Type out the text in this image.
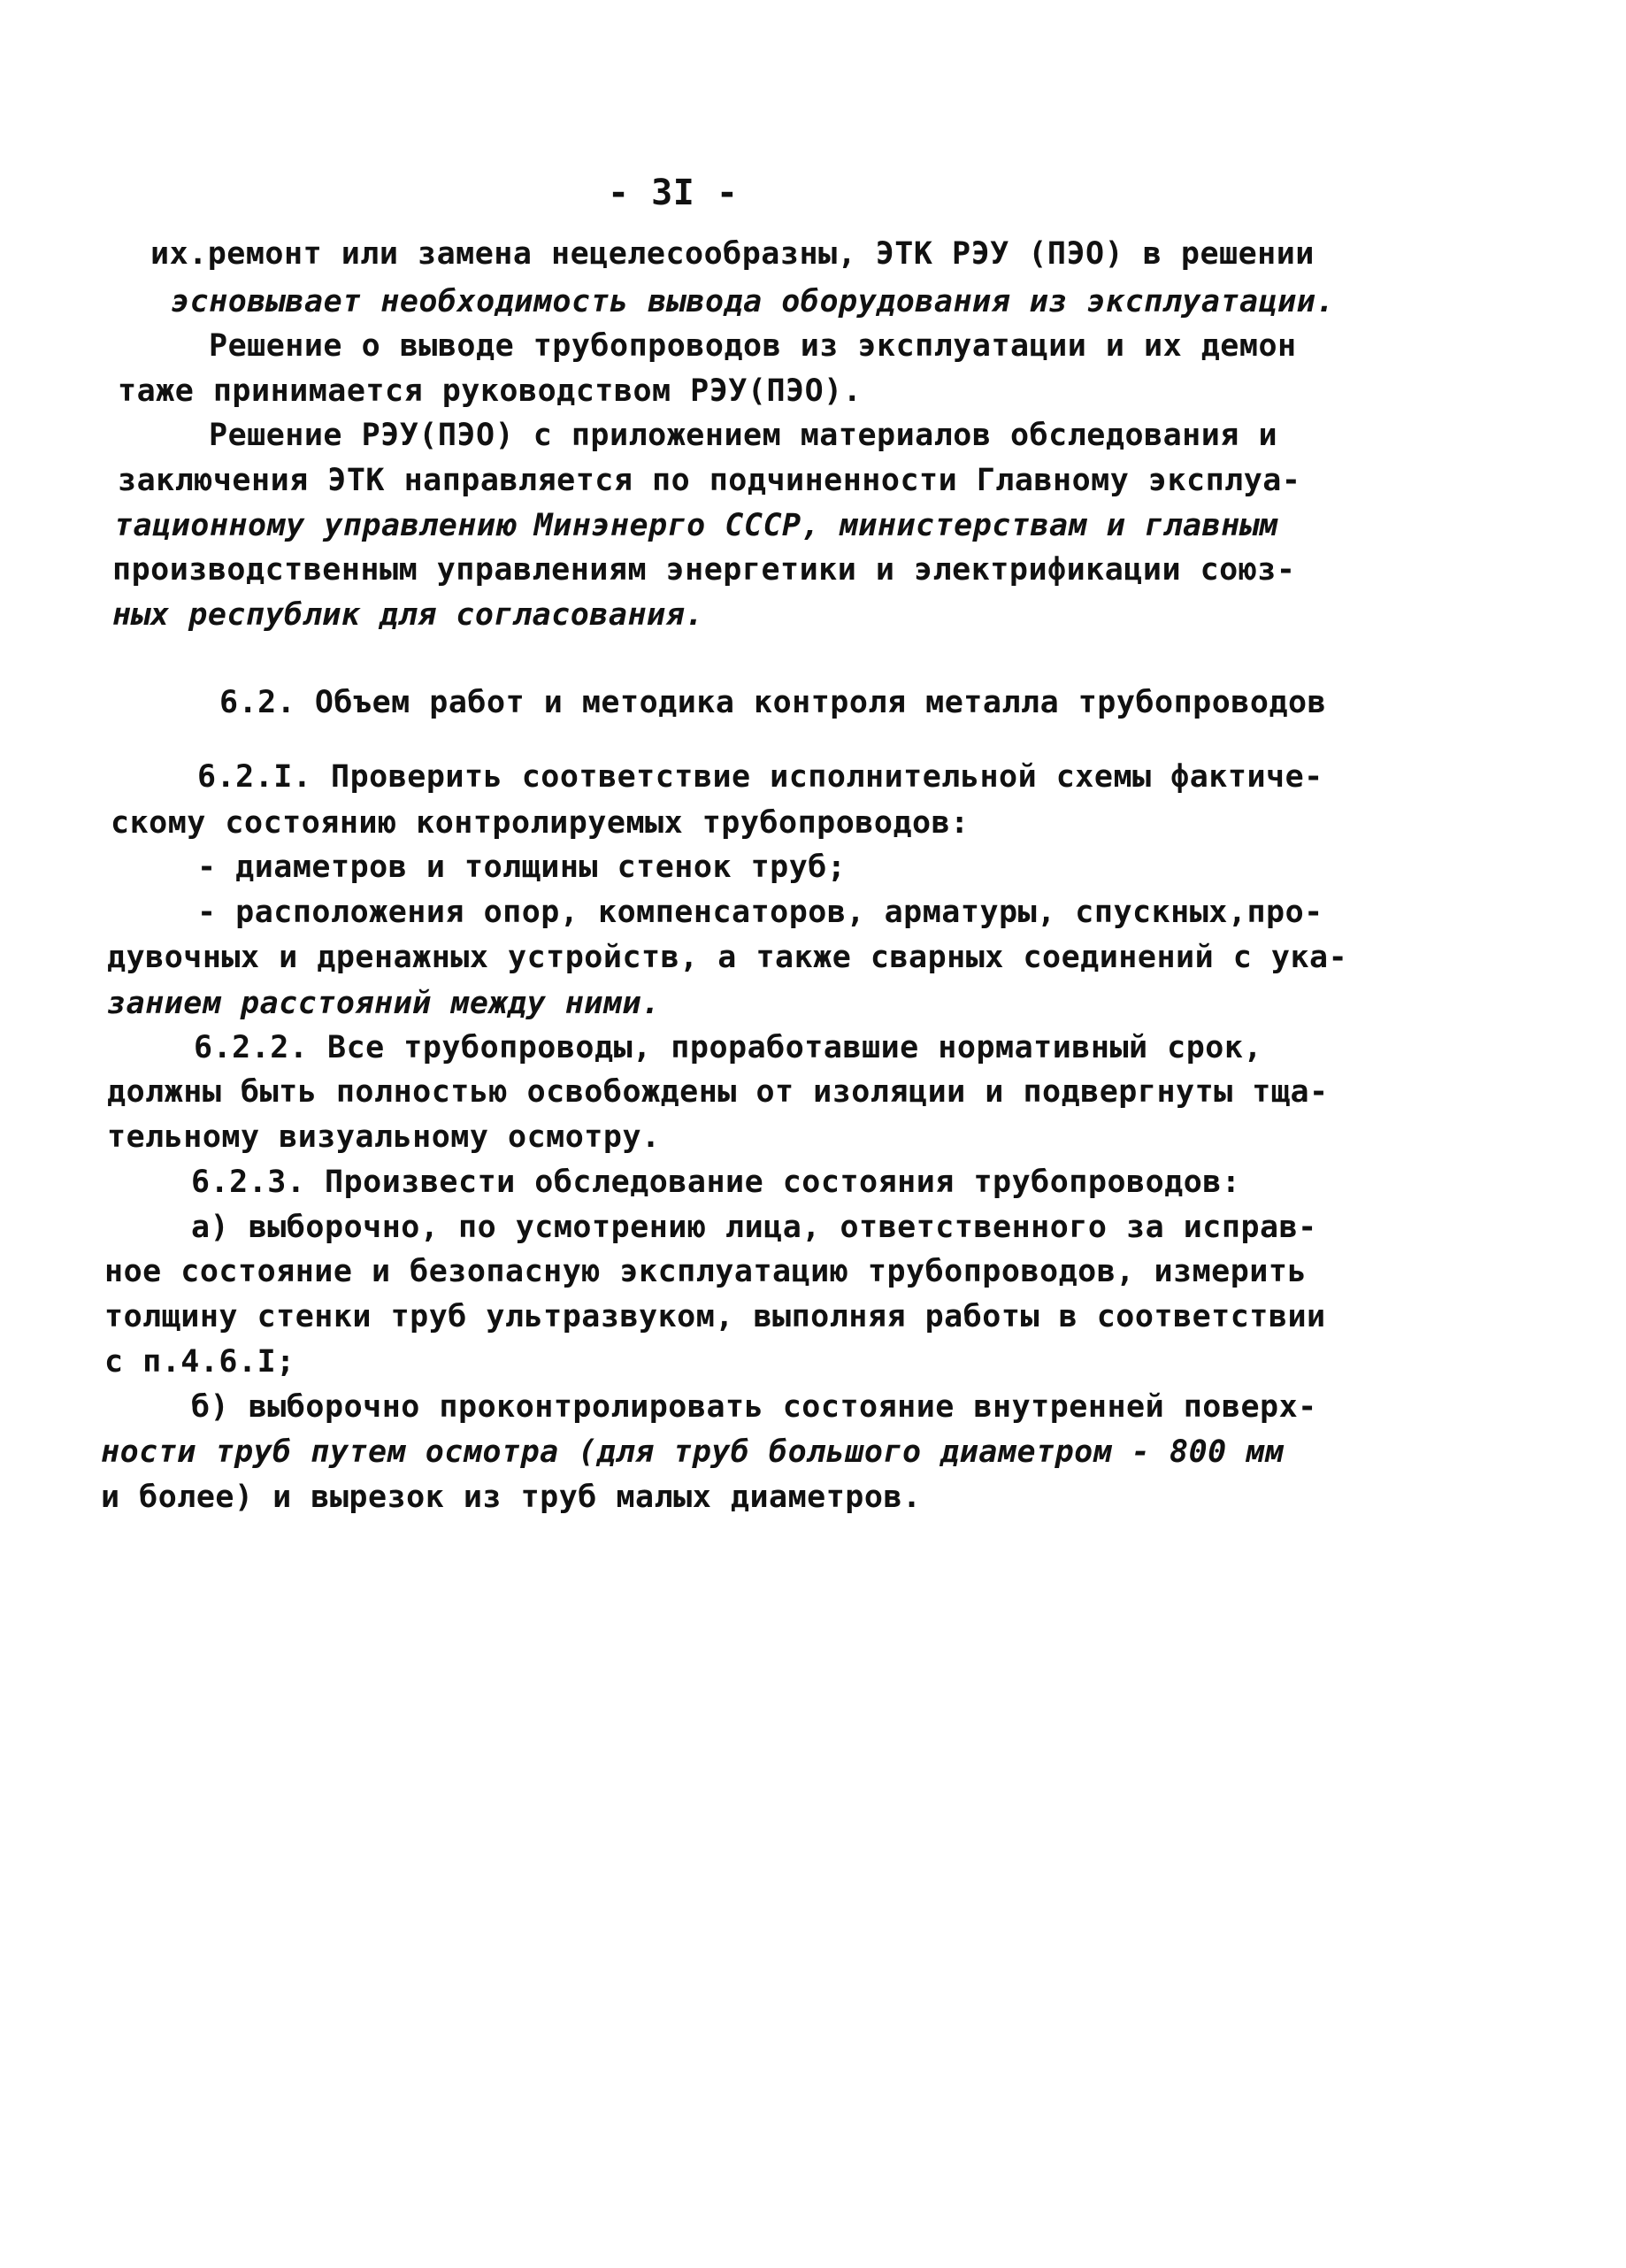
- 3I -
их.ремонт или замена нецелесообразны, ЭТК РЭУ (ПЭО) в решении
эсновывает необходимость вывода оборудования из эксплуатации.
Решение о выводе трубопроводов из эксплуатации и их демон
таже принимается руководством РЭУ(ПЭО).
Решение РЭУ(ПЭО) с приложением материалов обследования и
заключения ЭТК направляется по подчиненности Главному эксплуа-
тационному управлению Минэнерго СССР, министерствам и главным
производственным управлениям энергетики и электрификации союз-
ных республик для согласования.
6.2. Объем работ и методика контроля металла трубопроводов
6.2.I. Проверить соответствие исполнительной схемы фактиче-
скому состоянию контролируемых трубопроводов:
- диаметров и толщины стенок труб;
- расположения опор, компенсаторов, арматуры, спускных,про-
дувочных и дренажных устройств, а также сварных соединений с ука-
занием расстояний между ними.
6.2.2. Все трубопроводы, проработавшие нормативный срок,
должны быть полностью освобождены от изоляции и подвергнуты тща-
тельному визуальному осмотру.
6.2.3. Произвести обследование состояния трубопроводов:
а) выборочно, по усмотрению лица, ответственного за исправ-
ное состояние и безопасную эксплуатацию трубопроводов, измерить
толщину стенки труб ультразвуком, выполняя работы в соответствии
с п.4.6.I;
б) выборочно проконтролировать состояние внутренней поверх-
ности труб путем осмотра (для труб большого диаметром - 800 мм
и более) и вырезок из труб малых диаметров.
